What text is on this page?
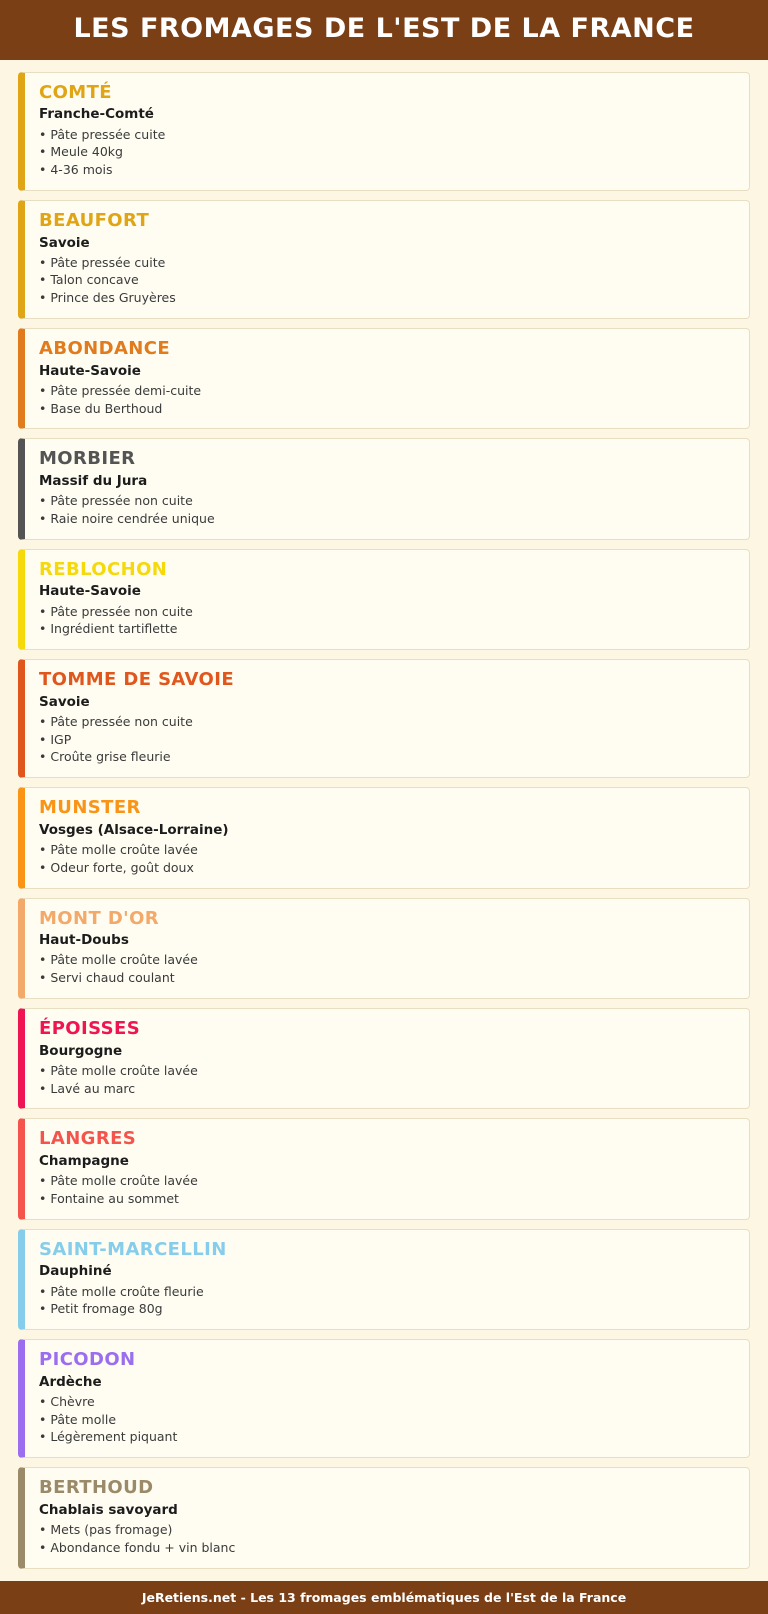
LES FROMAGES DE L'EST DE LA FRANCE
COMTÉ
Franche-Comté
• Pâte pressée cuite
• Meule 40kg
• 4-36 mois
BEAUFORT
Savoie
• Pâte pressée cuite
• Talon concave
• Prince des Gruyères
ABONDANCE
Haute-Savoie
• Pâte pressée demi-cuite
• Base du Berthoud
MORBIER
Massif du Jura
• Pâte pressée non cuite
• Raie noire cendrée unique
REBLOCHON
Haute-Savoie
• Pâte pressée non cuite
• Ingrédient tartiflette
TOMME DE SAVOIE
Savoie
• Pâte pressée non cuite
• IGP
• Croûte grise fleurie
MUNSTER
Vosges (Alsace-Lorraine)
• Pâte molle croûte lavée
• Odeur forte, goût doux
MONT D'OR
Haut-Doubs
• Pâte molle croûte lavée
• Servi chaud coulant
ÉPOISSES
Bourgogne
• Pâte molle croûte lavée
• Lavé au marc
LANGRES
Champagne
• Pâte molle croûte lavée
• Fontaine au sommet
SAINT-MARCELLIN
Dauphiné
• Pâte molle croûte fleurie
• Petit fromage 80g
PICODON
Ardèche
• Chèvre
• Pâte molle
• Légèrement piquant
BERTHOUD
Chablais savoyard
• Mets (pas fromage)
• Abondance fondu + vin blanc
JeRetiens.net - Les 13 fromages emblématiques de l'Est de la France
